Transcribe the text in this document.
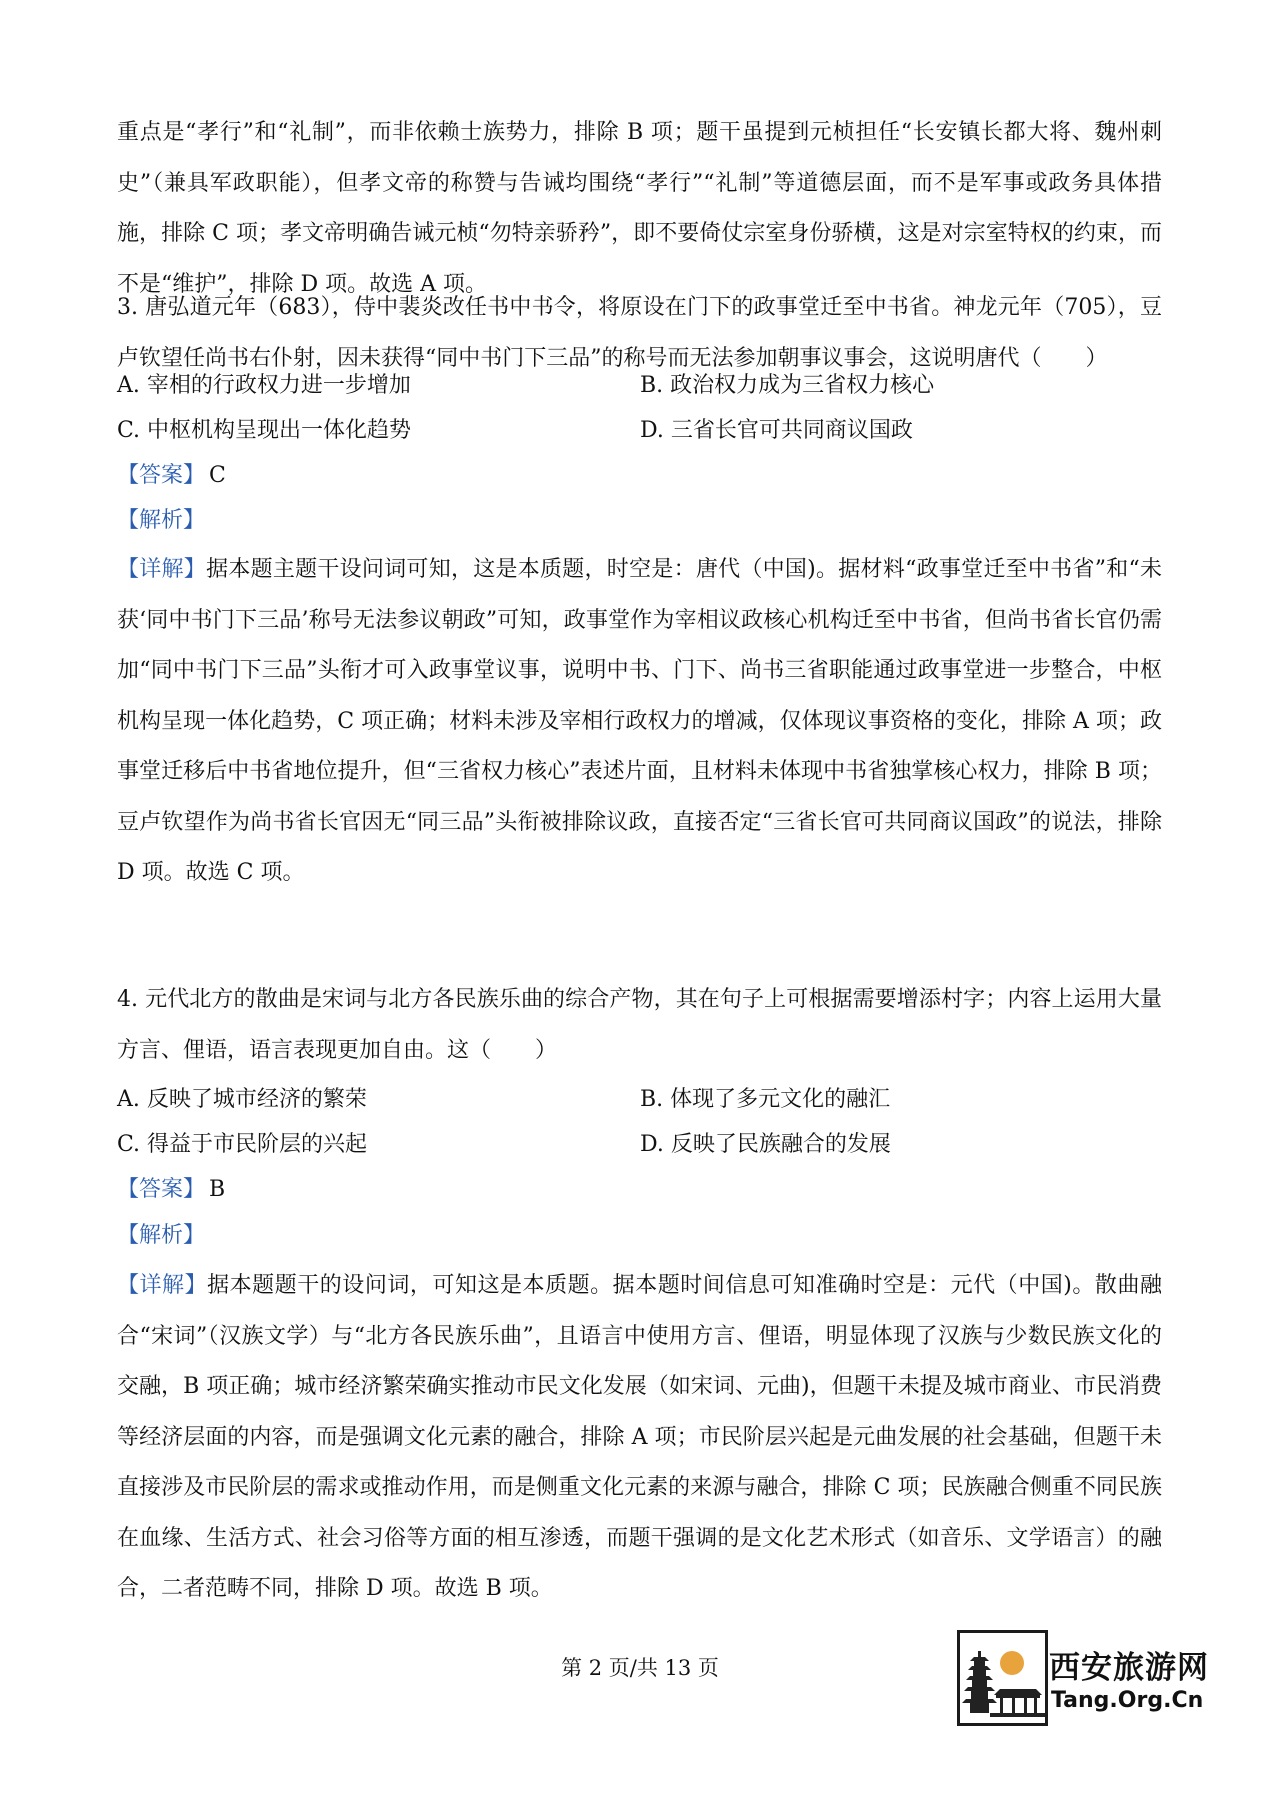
重点是“孝行”和“礼制”，而非依赖士族势力，排除 B 项；题干虽提到元桢担任“长安镇长都大将、魏州刺史”（兼具军政职能），但孝文帝的称赞与告诫均围绕“孝行”“礼制”等道德层面，而不是军事或政务具体措施，排除 C 项；孝文帝明确告诫元桢“勿特亲骄矜”，即不要倚仗宗室身份骄横，这是对宗室特权的约束，而不是“维护”，排除 D 项。故选 A 项。

3. 唐弘道元年（683），侍中裴炎改任书中书令，将原设在门下的政事堂迁至中书省。神龙元年（705），豆卢钦望任尚书右仆射，因未获得“同中书门下三品”的称号而无法参加朝事议事会，这说明唐代（　　）

A. 宰相的行政权力进一步增加	B. 政治权力成为三省权力核心
C. 中枢机构呈现出一体化趋势	D. 三省长官可共同商议国政
【答案】 C
【解析】

【详解】据本题主题干设问词可知，这是本质题，时空是：唐代（中国)。据材料“政事堂迁至中书省”和“未获‘同中书门下三品’称号无法参议朝政”可知，政事堂作为宰相议政核心机构迁至中书省，但尚书省长官仍需加“同中书门下三品”头衔才可入政事堂议事，说明中书、门下、尚书三省职能通过政事堂进一步整合，中枢机构呈现一体化趋势，C 项正确；材料未涉及宰相行政权力的增减，仅体现议事资格的变化，排除 A 项；政事堂迁移后中书省地位提升，但“三省权力核心”表述片面，且材料未体现中书省独掌核心权力，排除 B 项；豆卢钦望作为尚书省长官因无“同三品”头衔被排除议政，直接否定“三省长官可共同商议国政”的说法，排除 D 项。故选 C 项。

4. 元代北方的散曲是宋词与北方各民族乐曲的综合产物，其在句子上可根据需要增添村字；内容上运用大量方言、俚语，语言表现更加自由。这（　　）

A. 反映了城市经济的繁荣	B. 体现了多元文化的融汇
C. 得益于市民阶层的兴起	D. 反映了民族融合的发展
【答案】 B
【解析】

【详解】据本题题干的设问词，可知这是本质题。据本题时间信息可知准确时空是：元代（中国)。散曲融合“宋词”（汉族文学）与“北方各民族乐曲”，且语言中使用方言、俚语，明显体现了汉族与少数民族文化的交融，B 项正确；城市经济繁荣确实推动市民文化发展（如宋词、元曲)，但题干未提及城市商业、市民消费等经济层面的内容，而是强调文化元素的融合，排除 A 项；市民阶层兴起是元曲发展的社会基础，但题干未直接涉及市民阶层的需求或推动作用，而是侧重文化元素的来源与融合，排除 C 项；民族融合侧重不同民族在血缘、生活方式、社会习俗等方面的相互渗透，而题干强调的是文化艺术形式（如音乐、文学语言）的融合，二者范畴不同，排除 D 项。故选 B 项。

第 2 页/共 13 页	西安旅游网
Tang.Org.Cn
